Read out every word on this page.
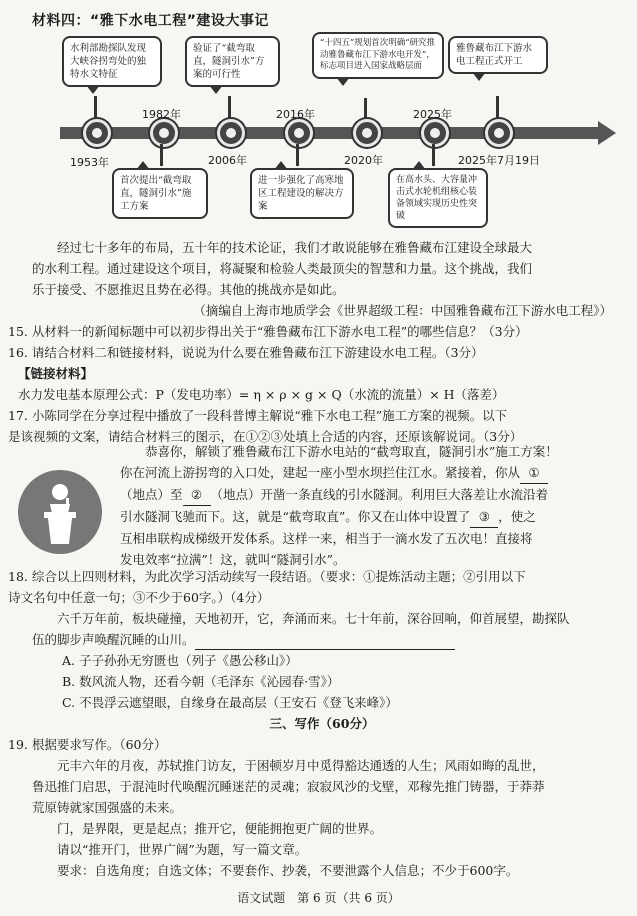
材料四：“雅下水电工程”建设大事记
水利部勘探队发现大峡谷拐弯处的独特水文特征
验证了“截弯取直，隧洞引水”方案的可行性
“十四五”规划首次明确“研究推动雅鲁藏布江下游水电开发”，标志项目进入国家战略层面
雅鲁藏布江下游水电工程正式开工
1953年
1982年
2006年
2016年
2020年
2025年
2025年7月19日
首次提出“截弯取直，隧洞引水”施工方案
进一步强化了高寒地区工程建设的解决方案
在高水头、大容量冲击式水轮机组核心装备领域实现历史性突破
经过七十多年的布局，五十年的技术论证，我们才敢说能够在雅鲁藏布江建设全球最大
的水利工程。通过建设这个项目，将凝聚和检验人类最顶尖的智慧和力量。这个挑战，我们
乐于接受、不愿推迟且势在必得。其他的挑战亦是如此。
（摘编自上海市地质学会《世界超级工程：中国雅鲁藏布江下游水电工程》）
15. 从材料一的新闻标题中可以初步得出关于“雅鲁藏布江下游水电工程”的哪些信息？（3分）
16. 请结合材料二和链接材料，说说为什么要在雅鲁藏布江下游建设水电工程。（3分）
【链接材料】
水力发电基本原理公式：P（发电功率）= η × ρ × g × Q（水流的流量）× H（落差）
17. 小陈同学在分享过程中播放了一段科普博主解说“雅下水电工程”施工方案的视频。以下
是该视频的文案，请结合材料三的图示，在①②③处填上合适的内容，还原该解说词。（3分）
恭喜你，解锁了雅鲁藏布江下游水电站的“截弯取直，隧洞引水”施工方案！
你在河流上游拐弯的入口处，建起一座小型水坝拦住江水。紧接着，你从 ①
（地点）至 ② （地点）开凿一条直线的引水隧洞。利用巨大落差让水流沿着
引水隧洞飞驰而下。这，就是“截弯取直”。你又在山体中设置了 ③ ，使之
互相串联构成梯级开发体系。这样一来，相当于一滴水发了五次电！直接将
发电效率“拉满”！这，就叫“隧洞引水”。
18. 综合以上四则材料，为此次学习活动续写一段结语。（要求：①提炼活动主题；②引用以下
诗文名句中任意一句；③不少于60字。）（4分）
六千万年前，板块碰撞，天地初开，它，奔涌而来。七十年前，深谷回响，仰首展望，勘探队
伍的脚步声唤醒沉睡的山川。
A. 子子孙孙无穷匮也（列子《愚公移山》）
B. 数风流人物，还看今朝（毛泽东《沁园春·雪》）
C. 不畏浮云遮望眼，自缘身在最高层（王安石《登飞来峰》）
三、写作（60分）
19. 根据要求写作。（60分）
元丰六年的月夜，苏轼推门访友，于困顿岁月中觅得豁达通透的人生；风雨如晦的乱世，
鲁迅推门启思，于混沌时代唤醒沉睡迷茫的灵魂；寂寂风沙的戈壁，邓稼先推门铸器，于莽莽
荒原铸就家国强盛的未来。
门，是界限，更是起点；推开它，便能拥抱更广阔的世界。
请以“推开门，世界广阔”为题，写一篇文章。
要求：自选角度；自选文体；不要套作、抄袭，不要泄露个人信息；不少于600字。
语文试题　第 6 页（共 6 页）
